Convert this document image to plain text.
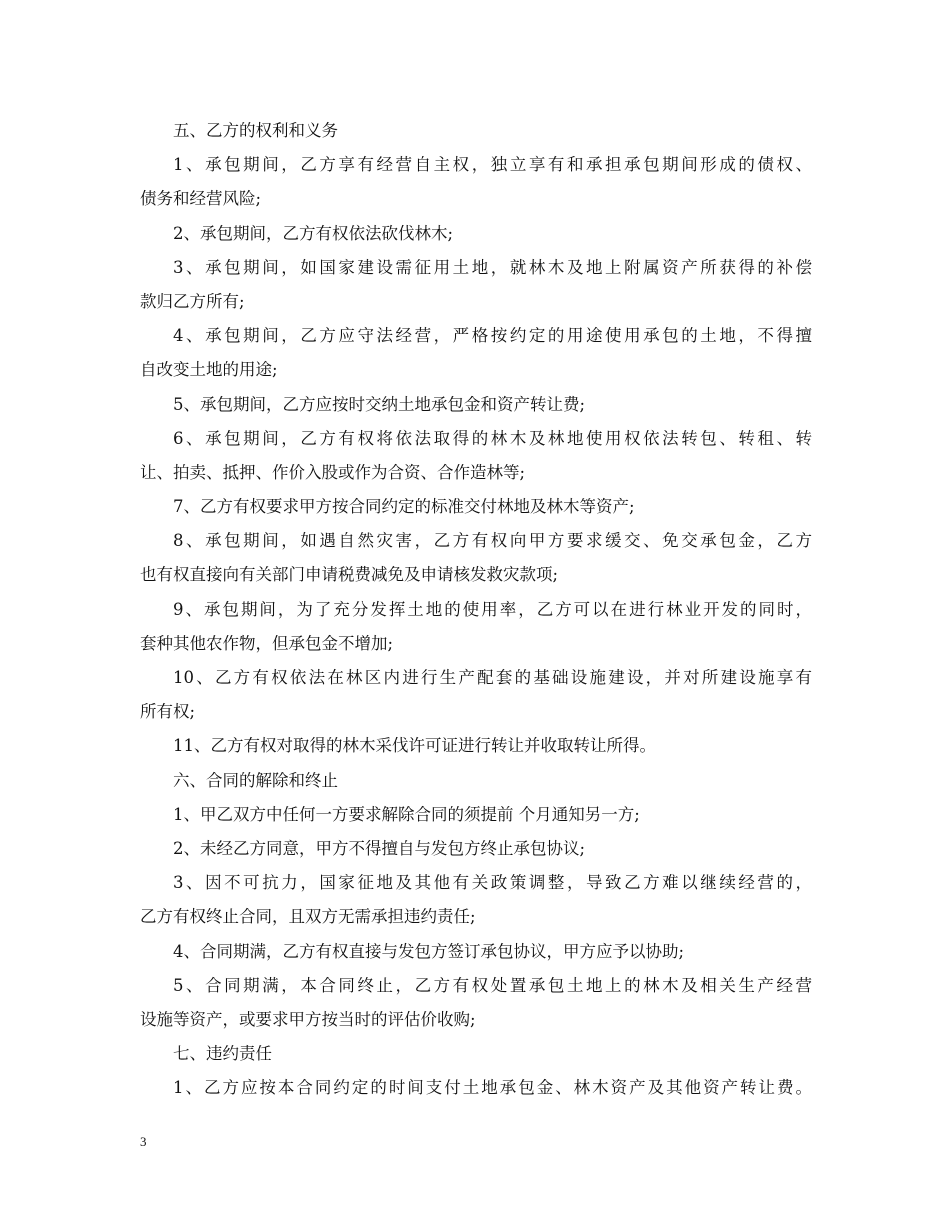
五、乙方的权利和义务
1、承包期间，乙方享有经营自主权，独立享有和承担承包期间形成的债权、
债务和经营风险;
2、承包期间，乙方有权依法砍伐林木;
3、承包期间，如国家建设需征用土地，就林木及地上附属资产所获得的补偿
款归乙方所有;
4、承包期间，乙方应守法经营，严格按约定的用途使用承包的土地，不得擅
自改变土地的用途;
5、承包期间，乙方应按时交纳土地承包金和资产转让费;
6、承包期间，乙方有权将依法取得的林木及林地使用权依法转包、转租、转
让、拍卖、抵押、作价入股或作为合资、合作造林等;
7、乙方有权要求甲方按合同约定的标准交付林地及林木等资产;
8、承包期间，如遇自然灾害，乙方有权向甲方要求缓交、免交承包金，乙方
也有权直接向有关部门申请税费减免及申请核发救灾款项;
9、承包期间，为了充分发挥土地的使用率，乙方可以在进行林业开发的同时，
套种其他农作物，但承包金不增加;
10、乙方有权依法在林区内进行生产配套的基础设施建设，并对所建设施享有
所有权;
11、乙方有权对取得的林木采伐许可证进行转让并收取转让所得。
六、合同的解除和终止
1、甲乙双方中任何一方要求解除合同的须提前 个月通知另一方;
2、未经乙方同意，甲方不得擅自与发包方终止承包协议;
3、因不可抗力，国家征地及其他有关政策调整，导致乙方难以继续经营的，
乙方有权终止合同，且双方无需承担违约责任;
4、合同期满，乙方有权直接与发包方签订承包协议，甲方应予以协助;
5、合同期满，本合同终止，乙方有权处置承包土地上的林木及相关生产经营
设施等资产，或要求甲方按当时的评估价收购;
七、违约责任
1、乙方应按本合同约定的时间支付土地承包金、林木资产及其他资产转让费。
3
